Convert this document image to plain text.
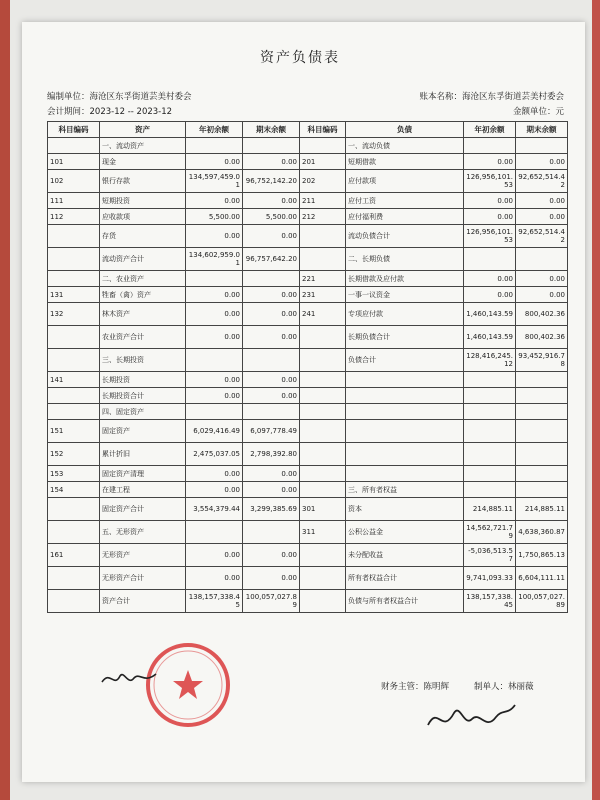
资产负债表
编制单位：海沧区东孚街道芸美村委会
会计期间：2023-12 -- 2023-12
账本名称：海沧区东孚街道芸美村委会
金额单位：元
科目编码	资产	年初余额	期末余额	科目编码	负债	年初余额	期末余额
	一、流动资产				一、流动负债		
101	现金	0.00	0.00	201	短期借款	0.00	0.00
102	银行存款	134,597,459.01	96,752,142.20	202	应付款项	126,956,101.53	92,652,514.42
111	短期投资	0.00	0.00	211	应付工资	0.00	0.00
112	应收款项	5,500.00	5,500.00	212	应付福利费	0.00	0.00
	存货	0.00	0.00		流动负债合计	126,956,101.53	92,652,514.42
	流动资产合计	134,602,959.01	96,757,642.20		二、长期负债		
	二、农业资产			221	长期借款及应付款	0.00	0.00
131	牲畜（禽）资产	0.00	0.00	231	一事一议资金	0.00	0.00
132	林木资产	0.00	0.00	241	专项应付款	1,460,143.59	800,402.36
	农业资产合计	0.00	0.00		长期负债合计	1,460,143.59	800,402.36
	三、长期投资				负债合计	128,416,245.12	93,452,916.78
141	长期投资	0.00	0.00				
	长期投资合计	0.00	0.00				
	四、固定资产						
151	固定资产	6,029,416.49	6,097,778.49				
152	累计折旧	2,475,037.05	2,798,392.80				
153	固定资产清理	0.00	0.00				
154	在建工程	0.00	0.00		三、所有者权益		
	固定资产合计	3,554,379.44	3,299,385.69	301	资本	214,885.11	214,885.11
	五、无形资产			311	公积公益金	14,562,721.79	4,638,360.87
161	无形资产	0.00	0.00		未分配收益	-5,036,513.57	1,750,865.13
	无形资产合计	0.00	0.00		所有者权益合计	9,741,093.33	6,604,111.11
	资产合计	138,157,338.45	100,057,027.89		负债与所有者权益合计	138,157,338.45	100,057,027.89
财务主管：陈明辉	制单人：林丽薇
